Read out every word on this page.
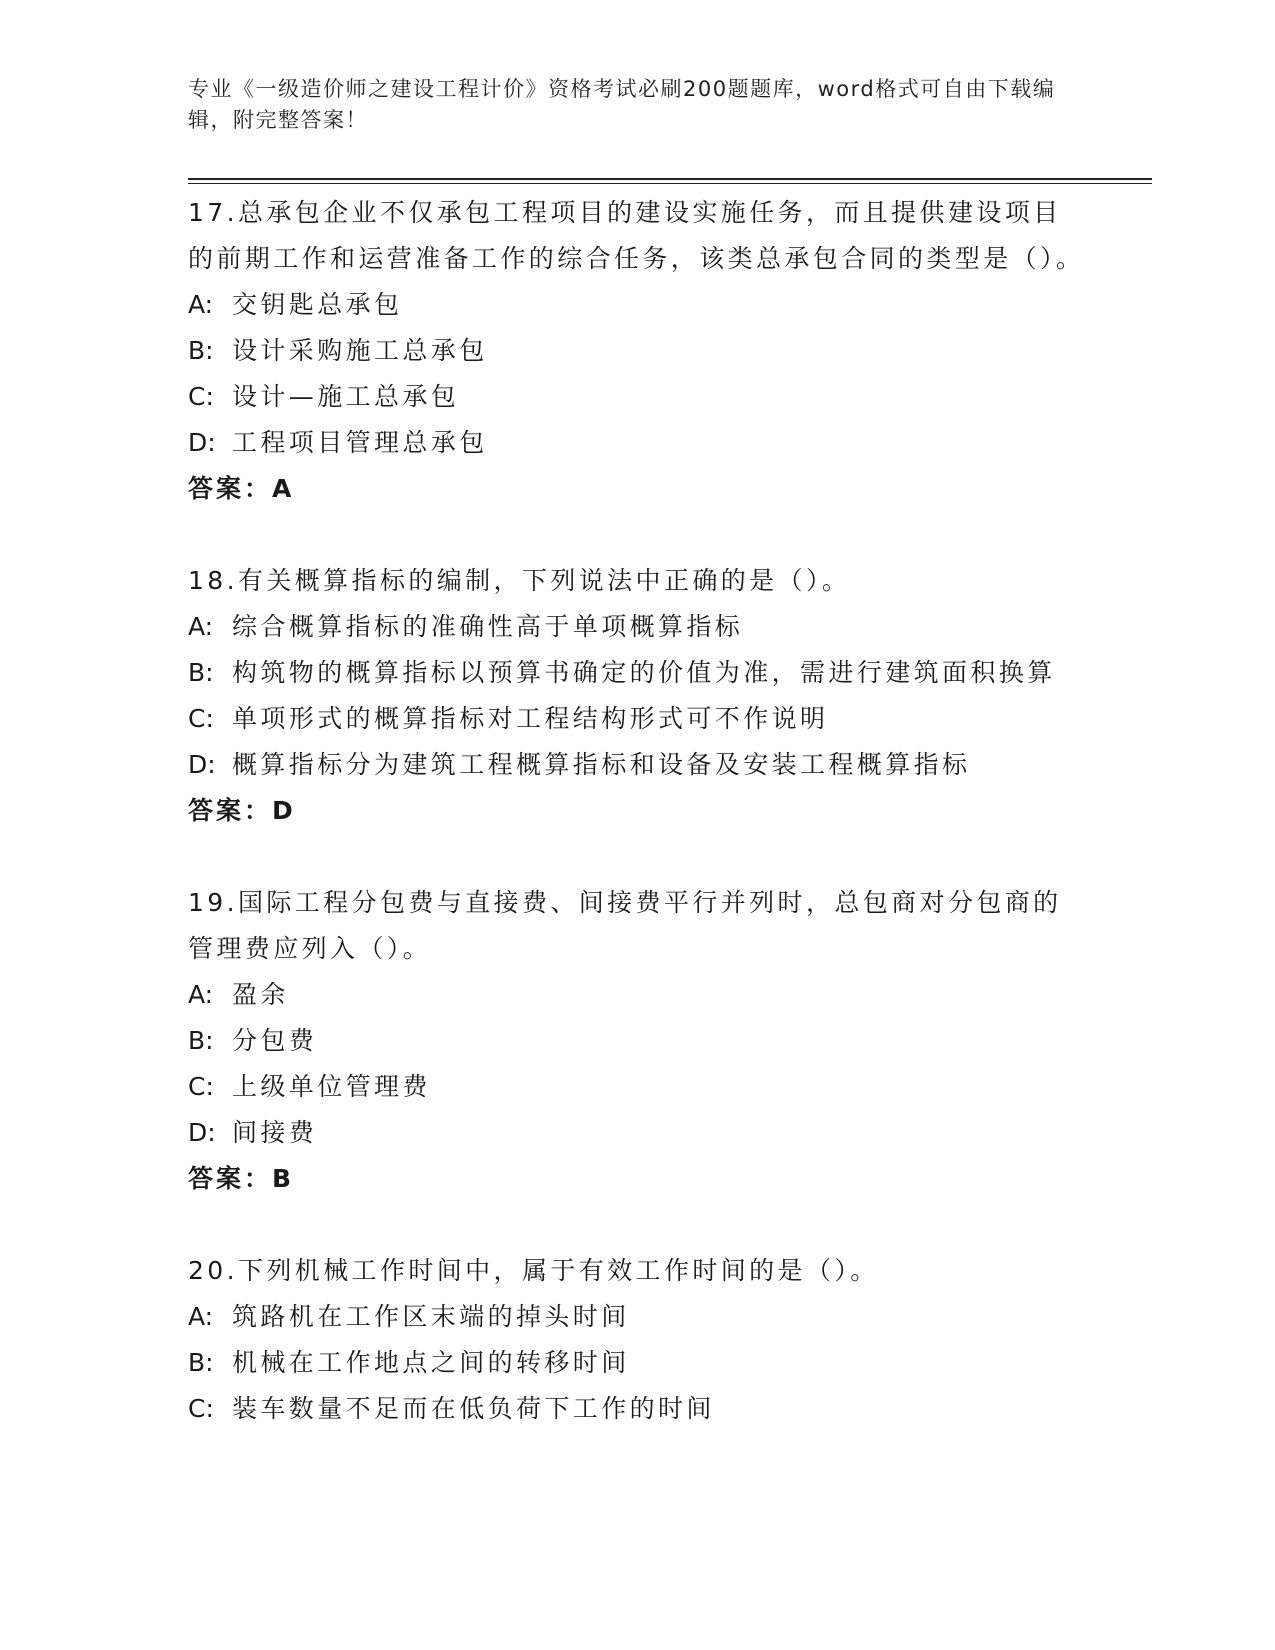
专业《一级造价师之建设工程计价》资格考试必刷200题题库，word格式可自由下载编辑，附完整答案！
17.总承包企业不仅承包工程项目的建设实施任务，而且提供建设项目的前期工作和运营准备工作的综合任务，该类总承包合同的类型是（）。
A: 交钥匙总承包
B: 设计采购施工总承包
C: 设计—施工总承包
D: 工程项目管理总承包
答案：A
18.有关概算指标的编制，下列说法中正确的是（）。
A: 综合概算指标的准确性高于单项概算指标
B: 构筑物的概算指标以预算书确定的价值为准，需进行建筑面积换算
C: 单项形式的概算指标对工程结构形式可不作说明
D: 概算指标分为建筑工程概算指标和设备及安装工程概算指标
答案：D
19.国际工程分包费与直接费、间接费平行并列时，总包商对分包商的管理费应列入（）。
A: 盈余
B: 分包费
C: 上级单位管理费
D: 间接费
答案：B
20.下列机械工作时间中，属于有效工作时间的是（）。
A: 筑路机在工作区末端的掉头时间
B: 机械在工作地点之间的转移时间
C: 装车数量不足而在低负荷下工作的时间
